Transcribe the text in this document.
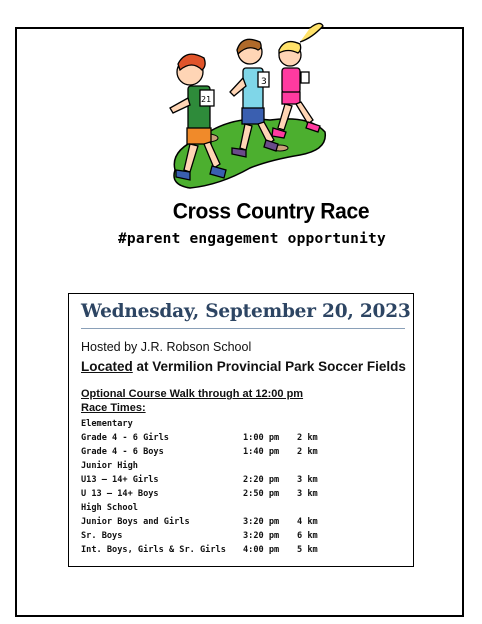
3
21
Cross Country Race
#parent engagement opportunity
Wednesday, September 20, 2023
Hosted by J.R. Robson School
Located at Vermilion Provincial Park Soccer Fields
Optional Course Walk through at 12:00 pm
Race Times:
Elementary
Grade 4 - 6 Girls	1:00 pm 2 km
Grade 4 - 6 Boys	1:40 pm 2 km
Junior High
U13 – 14+ Girls	2:20 pm 3 km
U 13 – 14+ Boys	2:50 pm 3 km
High School
Junior Boys and Girls	3:20 pm 4 km
Sr. Boys	3:20 pm 6 km
Int. Boys, Girls & Sr. Girls 4:00 pm 5 km
